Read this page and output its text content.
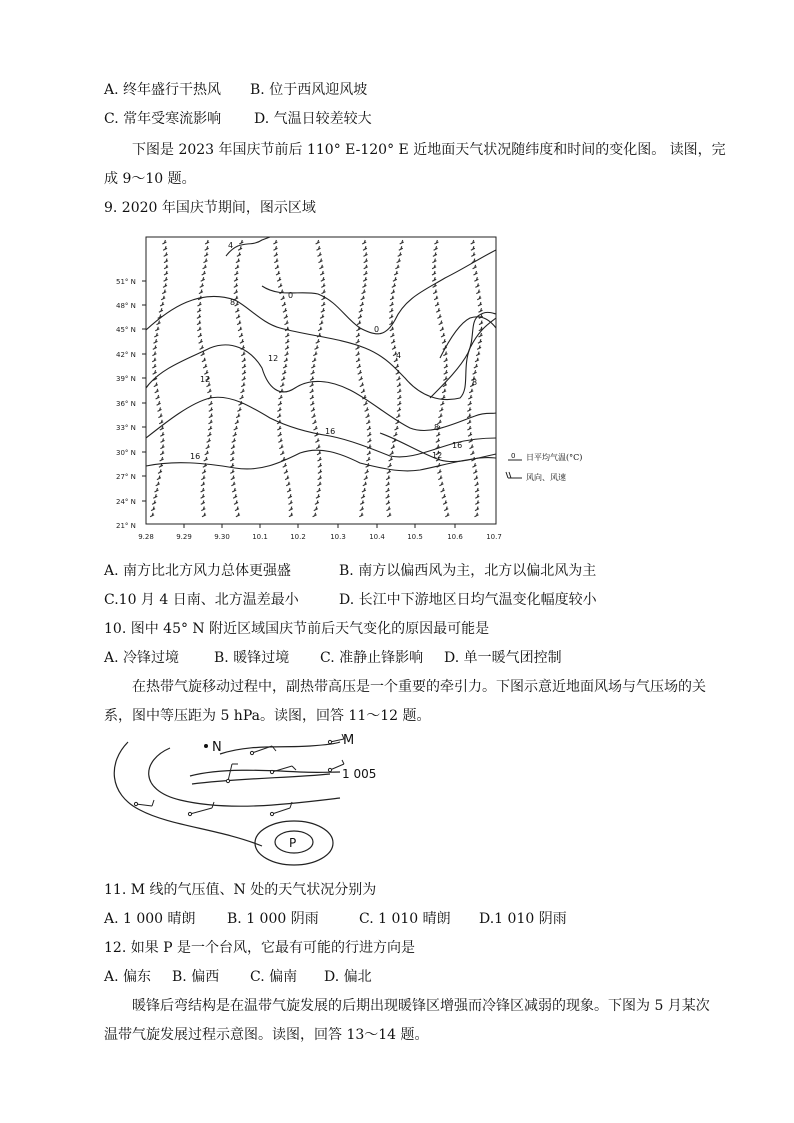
A. 终年盛行干热风 B. 位于西风迎风坡
C. 常年受寒流影响 D. 气温日较差较大
下图是 2023 年国庆节前后 110° E-120° E 近地面天气状况随纬度和时间的变化图。 读图，完
成 9～10 题。
9. 2020 年国庆节期间，图示区域
51° N
48° N
45° N
42° N
39° N
36° N
33° N
30° N
27° N
24° N
21° N
9.28	9.29	9.30	10.1	10.2	10.3	10.4	10.5	10.6	10.7
4
0
8
0
12
12
4
8
16
12
16
16
8
0 日平均气温(°C)
风向、风速
A. 南方比北方风力总体更强盛	B. 南方以偏西风为主，北方以偏北风为主
C.10 月 4 日南、北方温差最小	D. 长江中下游地区日均气温变化幅度较小
10. 图中 45° N 附近区域国庆节前后天气变化的原因最可能是
A. 冷锋过境 B. 暖锋过境 C. 准静止锋影响 D. 单一暖气团控制
在热带气旋移动过程中，副热带高压是一个重要的牵引力。下图示意近地面风场与气压场的关
系，图中等压距为 5 hPa。读图，回答 11～12 题。
N	M
1 005
P
11. M 线的气压值、N 处的天气状况分别为
A. 1 000 晴朗 B. 1 000 阴雨	C. 1 010 晴朗 D.1 010 阴雨
12. 如果 P 是一个台风，它最有可能的行进方向是
A. 偏东 B. 偏西 C. 偏南 D. 偏北
暖锋后弯结构是在温带气旋发展的后期出现暖锋区增强而冷锋区减弱的现象。下图为 5 月某次
温带气旋发展过程示意图。读图，回答 13～14 题。
